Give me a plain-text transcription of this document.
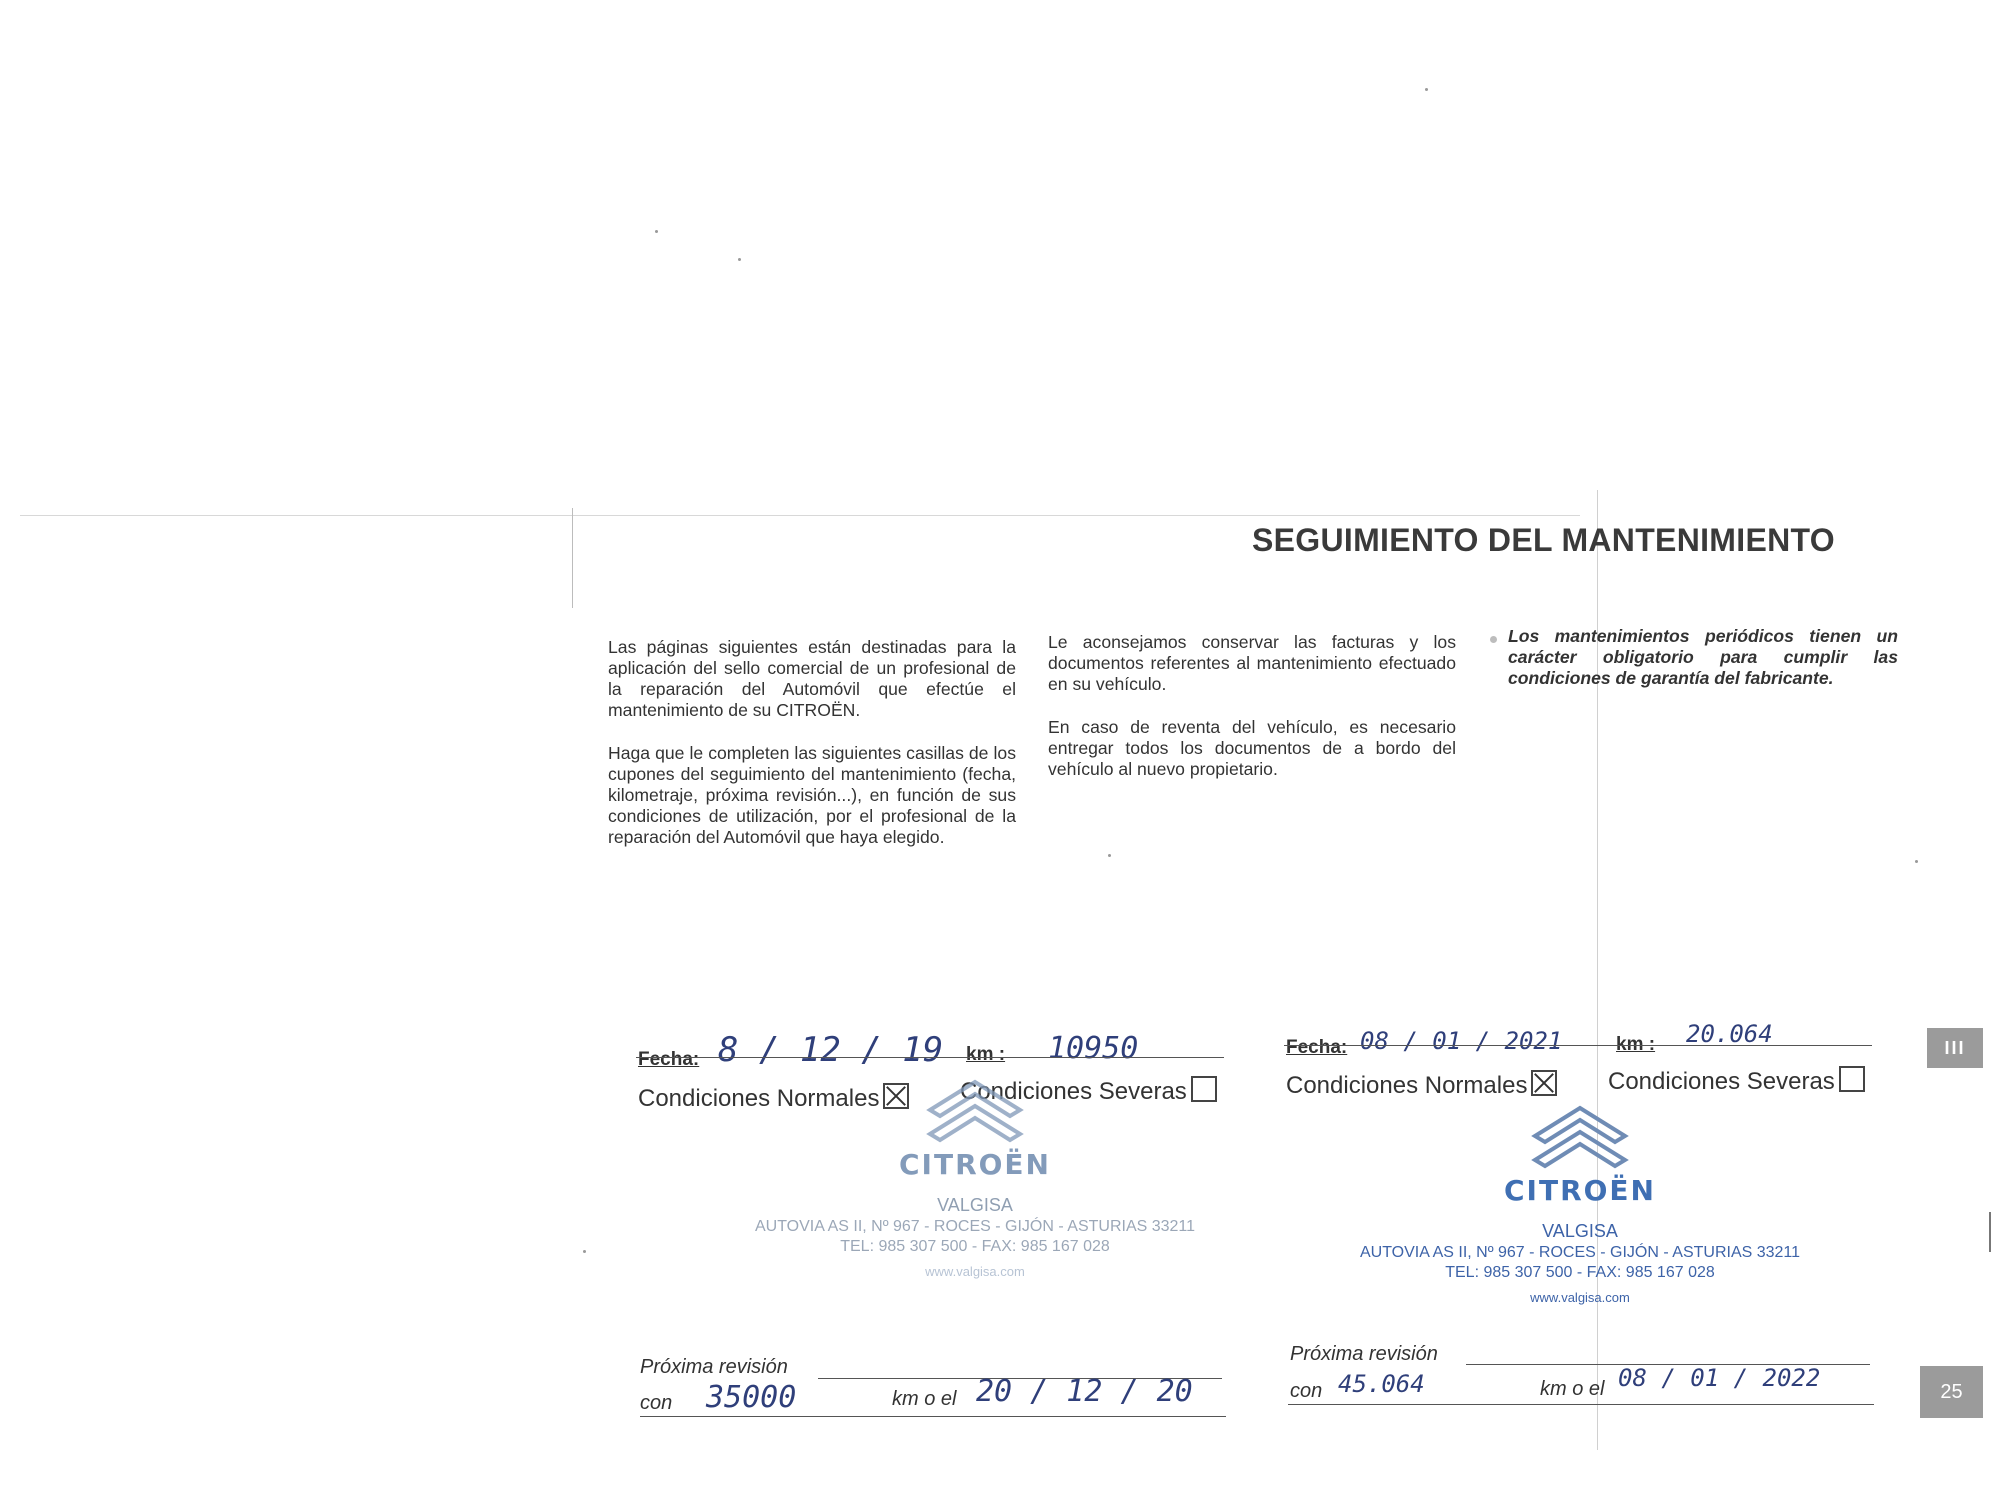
SEGUIMIENTO DEL MANTENIMIENTO

Las páginas siguientes están destinadas para la aplicación del sello comercial de un profesional de la reparación del Automóvil que efectúe el mantenimiento de su CITROËN.

Haga que le completen las siguientes casillas de los cupones del seguimiento del mantenimiento (fecha, kilometraje, próxima revisión...), en función de sus condiciones de utilización, por el profesional de la reparación del Automóvil que haya elegido.

Le aconsejamos conservar las facturas y los documentos referentes al mantenimiento efectuado en su vehículo.

En caso de reventa del vehículo, es necesario entregar todos los documentos de a bordo del vehículo al nuevo propietario.

Los mantenimientos periódicos tienen un carácter obligatorio para cumplir las condiciones de garantía del fabricante.
III
25
Fecha: 8 / 12 / 19 km : 10950
Condiciones Normales	Condiciones Severas
CITROËN
VALGISA
AUTOVIA AS II, Nº 967 - ROCES - GIJÓN - ASTURIAS 33211
TEL: 985 307 500 - FAX: 985 167 028
www.valgisa.com
Próxima revisión
con 35000	km o el 20 / 12 / 20
Fecha: 08 / 01 / 2021	km : 20.064
Condiciones Normales	Condiciones Severas
CITROËN
VALGISA
AUTOVIA AS II, Nº 967 - ROCES - GIJÓN - ASTURIAS 33211
TEL: 985 307 500 - FAX: 985 167 028
www.valgisa.com
Próxima revisión
con 45.064	km o el 08 / 01 / 2022
